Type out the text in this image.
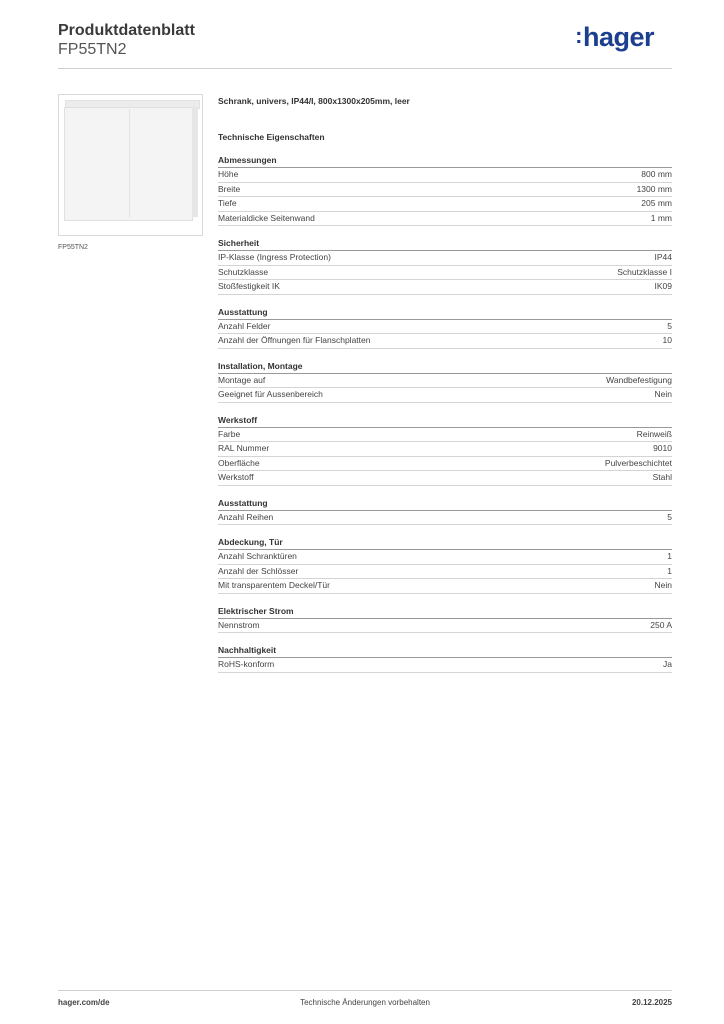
Produktdatenblatt
FP55TN2
:hager
FP55TN2
Schrank, univers, IP44/I, 800x1300x205mm, leer
Technische Eigenschaften
Abmessungen
Höhe	800 mm
Breite	1300 mm
Tiefe	205 mm
Materialdicke Seitenwand	1 mm
Sicherheit
IP-Klasse (Ingress Protection)	IP44
Schutzklasse	Schutzklasse I
Stoßfestigkeit IK	IK09
Ausstattung
Anzahl Felder	5
Anzahl der Öffnungen für Flanschplatten	10
Installation, Montage
Montage auf	Wandbefestigung
Geeignet für Aussenbereich	Nein
Werkstoff
Farbe	Reinweiß
RAL Nummer	9010
Oberfläche	Pulverbeschichtet
Werkstoff	Stahl
Ausstattung
Anzahl Reihen	5
Abdeckung, Tür
Anzahl Schranktüren	1
Anzahl der Schlösser	1
Mit transparentem Deckel/Tür	Nein
Elektrischer Strom
Nennstrom	250 A
Nachhaltigkeit
RoHS-konform	Ja
hager.com/de	Technische Änderungen vorbehalten	20.12.2025
